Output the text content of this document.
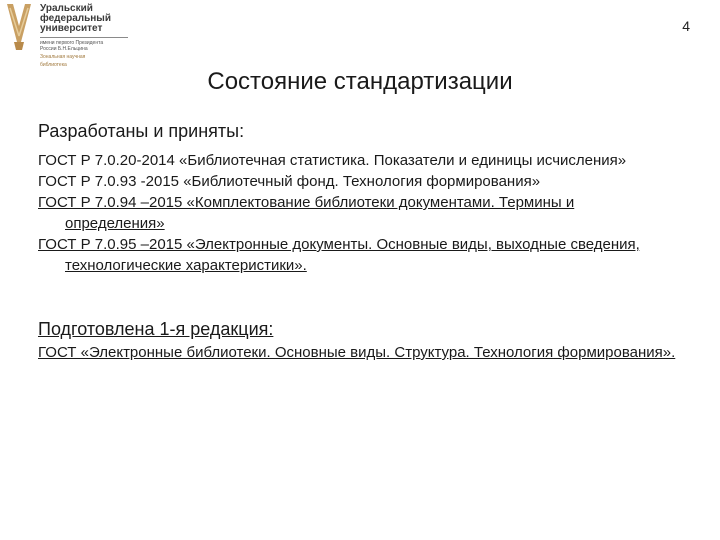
Уральский
федеральный
университет
имени первого Президента
России Б.Н.Ельцина
Зональная научная
библиотека
4
Состояние стандартизации

Разработаны и приняты:

ГОСТ Р 7.0.20-2014 «Библиотечная статистика. Показатели и единицы исчисления»

ГОСТ Р 7.0.93 -2015 «Библиотечный фонд. Технология формирования»

ГОСТ Р 7.0.94 –2015 «Комплектование библиотеки документами. Термины и определения»

ГОСТ Р 7.0.95 –2015 «Электронные документы. Основные виды, выходные сведения, технологические характеристики».

Подготовлена 1-я редакция:

ГОСТ «Электронные библиотеки. Основные виды. Структура. Технология формирования».
